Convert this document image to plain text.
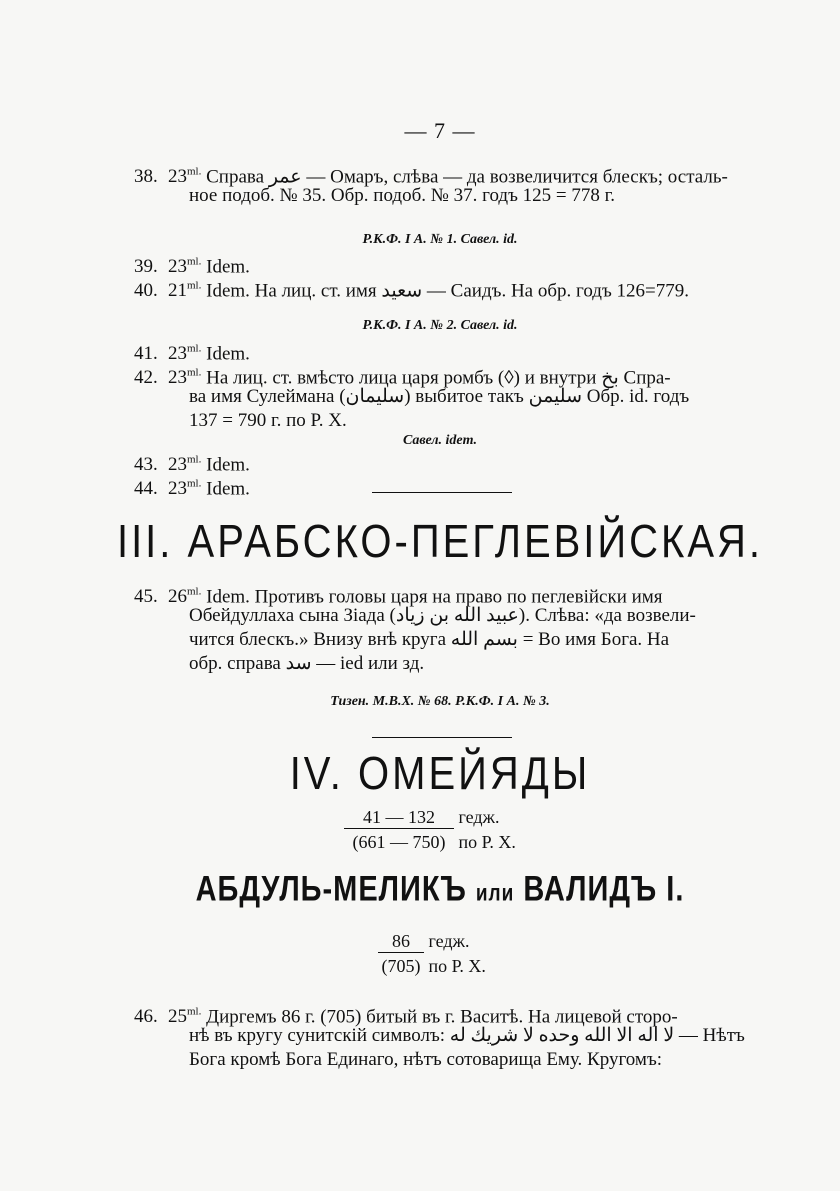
— 7 —
38. $23^{ml.}$ Справа عمر — Омаръ, слѣва — да возвеличится блескъ; осталь-
ное подоб. № 35. Обр. подоб. № 37. годъ 125 = 778 г.
Р.К.Ф. I А. № 1. Савел. id.
39. $23^{ml.}$ Idem.
40. $21^{ml.}$ Idem. На лиц. ст. имя سعيد — Саидъ. На обр. годъ 126=779.
Р.К.Ф. I А. № 2. Савел. id.
41. $23^{ml.}$ Idem.
42. $23^{ml.}$ На лиц. ст. вмѣсто лица царя ромбъ (◊) и внутри بخ Спра-
ва имя Сулеймана (سليمان) выбитое такъ سليمن Обр. id. годъ
137 = 790 г. по Р. Х.
Савел. idem.
43. $23^{ml.}$ Idem.
44. $23^{ml.}$ Idem.
III. АРАБСКО-ПЕГЛЕВІЙСКАЯ.
45. $26^{ml.}$ Idem. Противъ головы царя на право по пеглевійски имя
Обейдуллаха сына Зіада (عبيد الله بن زياد). Слѣва: «да возвели-
чится блескъ.» Внизу внѣ круга بسم الله = Во имя Бога. На
обр. справа سد — ied или зд.
Тизен. М.В.Х. № 68. Р.К.Ф. I А. № 3.
IV. ОМЕЙЯДЫ
41 — 132 гедж.
(661 — 750) по Р. Х.
АБДУЛЬ-МЕЛИКЪ или ВАЛИДЪ I.
86 гедж.
(705) по Р. Х.
46. $25^{ml.}$ Диргемъ 86 г. (705) битый въ г. Васитѣ. На лицевой сторо-
нѣ въ кругу сунитскій символъ: لا اله الا الله وحده لا شريك له — Нѣтъ
Бога кромѣ Бога Единаго, нѣтъ сотоварища Ему. Кругомъ:
